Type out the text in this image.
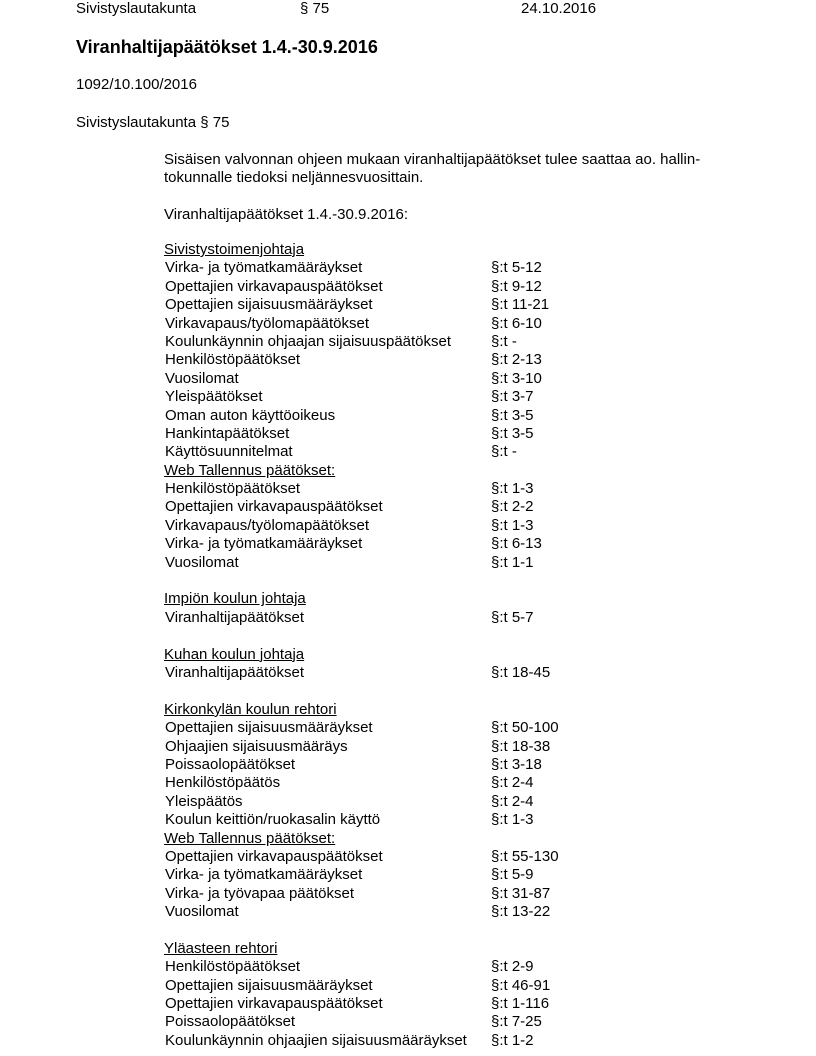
Sivistyslautakunta	§ 75	24.10.2016
Viranhaltijapäätökset 1.4.-30.9.2016
1092/10.100/2016
Sivistyslautakunta § 75
Sisäisen valvonnan ohjeen mukaan viranhaltijapäätökset tulee saattaa ao. hallin-
tokunnalle tiedoksi neljännesvuosittain.
Viranhaltijapäätökset 1.4.-30.9.2016:
Sivistystoimenjohtaja
Virka- ja työmatkamääräykset	§:t 5-12
Opettajien virkavapauspäätökset	§:t 9-12
Opettajien sijaisuusmääräykset	§:t 11-21
Virkavapaus/työlomapäätökset	§:t 6-10
Koulunkäynnin ohjaajan sijaisuuspäätökset	§:t -
Henkilöstöpäätökset	§:t 2-13
Vuosilomat	§:t 3-10
Yleispäätökset	§:t 3-7
Oman auton käyttöoikeus	§:t 3-5
Hankintapäätökset	§:t 3-5
Käyttösuunnitelmat	§:t -
Web Tallennus päätökset:
Henkilöstöpäätökset	§:t 1-3
Opettajien virkavapauspäätökset	§:t 2-2
Virkavapaus/työlomapäätökset	§:t 1-3
Virka- ja työmatkamääräykset	§:t 6-13
Vuosilomat	§:t 1-1
Impiön koulun johtaja
Viranhaltijapäätökset	§:t 5-7
Kuhan koulun johtaja
Viranhaltijapäätökset	§:t 18-45
Kirkonkylän koulun rehtori
Opettajien sijaisuusmääräykset	§:t 50-100
Ohjaajien sijaisuusmääräys	§:t 18-38
Poissaolopäätökset	§:t 3-18
Henkilöstöpäätös	§:t 2-4
Yleispäätös	§:t 2-4
Koulun keittiön/ruokasalin käyttö	§:t 1-3
Web Tallennus päätökset:
Opettajien virkavapauspäätökset	§:t 55-130
Virka- ja työmatkamääräykset	§:t 5-9
Virka- ja työvapaa päätökset	§:t 31-87
Vuosilomat	§:t 13-22
Yläasteen rehtori
Henkilöstöpäätökset	§:t 2-9
Opettajien sijaisuusmääräykset	§:t 46-91
Opettajien virkavapauspäätökset	§:t 1-116
Poissaolopäätökset	§:t 7-25
Koulunkäynnin ohjaajien sijaisuusmääräykset §:t 1-2
